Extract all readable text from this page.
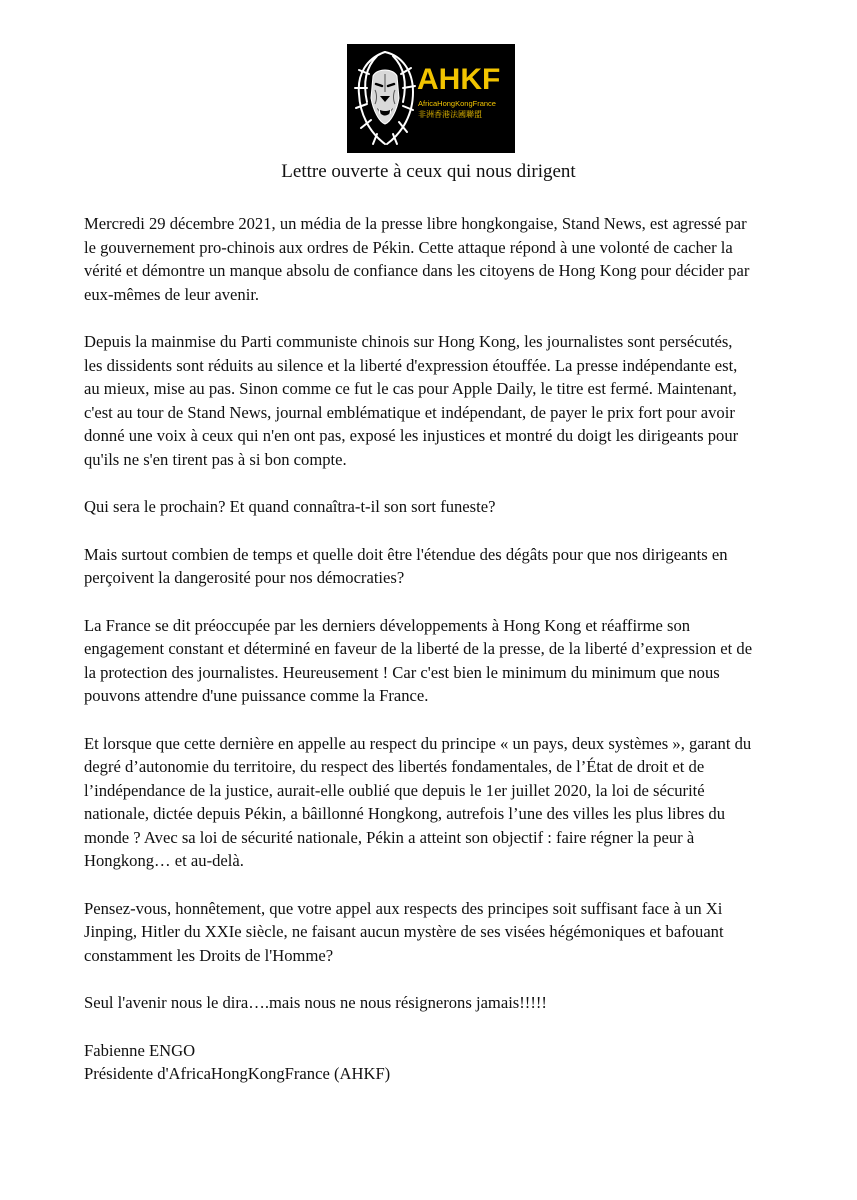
AHKF
AfricaHongKongFrance
非洲香港法國聯盟
Lettre ouverte à ceux qui nous dirigent

Mercredi 29 décembre 2021, un média de la presse libre hongkongaise, Stand News, est agressé par
le gouvernement pro-chinois aux ordres de Pékin. Cette attaque répond à une volonté de cacher la
vérité et démontre un manque absolu de confiance dans les citoyens de Hong Kong pour décider par
eux-mêmes de leur avenir.

Depuis la mainmise du Parti communiste chinois sur Hong Kong, les journalistes sont persécutés,
les dissidents sont réduits au silence et la liberté d'expression étouffée. La presse indépendante est,
au mieux, mise au pas. Sinon comme ce fut le cas pour Apple Daily, le titre est fermé. Maintenant,
c'est au tour de Stand News, journal emblématique et indépendant, de payer le prix fort pour avoir
donné une voix à ceux qui n'en ont pas, exposé les injustices et montré du doigt les dirigeants pour
qu'ils ne s'en tirent pas à si bon compte.

Qui sera le prochain? Et quand connaîtra-t-il son sort funeste?

Mais surtout combien de temps et quelle doit être l'étendue des dégâts pour que nos dirigeants en
perçoivent la dangerosité pour nos démocraties?

La France se dit préoccupée par les derniers développements à Hong Kong et réaffirme son
engagement constant et déterminé en faveur de la liberté de la presse, de la liberté d’expression et de
la protection des journalistes. Heureusement ! Car c'est bien le minimum du minimum que nous
pouvons attendre d'une puissance comme la France.

Et lorsque que cette dernière en appelle au respect du principe « un pays, deux systèmes », garant du
degré d’autonomie du territoire, du respect des libertés fondamentales, de l’État de droit et de
l’indépendance de la justice, aurait-elle oublié que depuis le 1er juillet 2020, la loi de sécurité
nationale, dictée depuis Pékin, a bâillonné Hongkong, autrefois l’une des villes les plus libres du
monde ? Avec sa loi de sécurité nationale, Pékin a atteint son objectif : faire régner la peur à
Hongkong… et au-delà.

Pensez-vous, honnêtement, que votre appel aux respects des principes soit suffisant face à un Xi
Jinping, Hitler du XXIe siècle, ne faisant aucun mystère de ses visées hégémoniques et bafouant
constamment les Droits de l'Homme?

Seul l'avenir nous le dira….mais nous ne nous résignerons jamais!!!!!

Fabienne ENGO
Présidente d'AfricaHongKongFrance (AHKF)
